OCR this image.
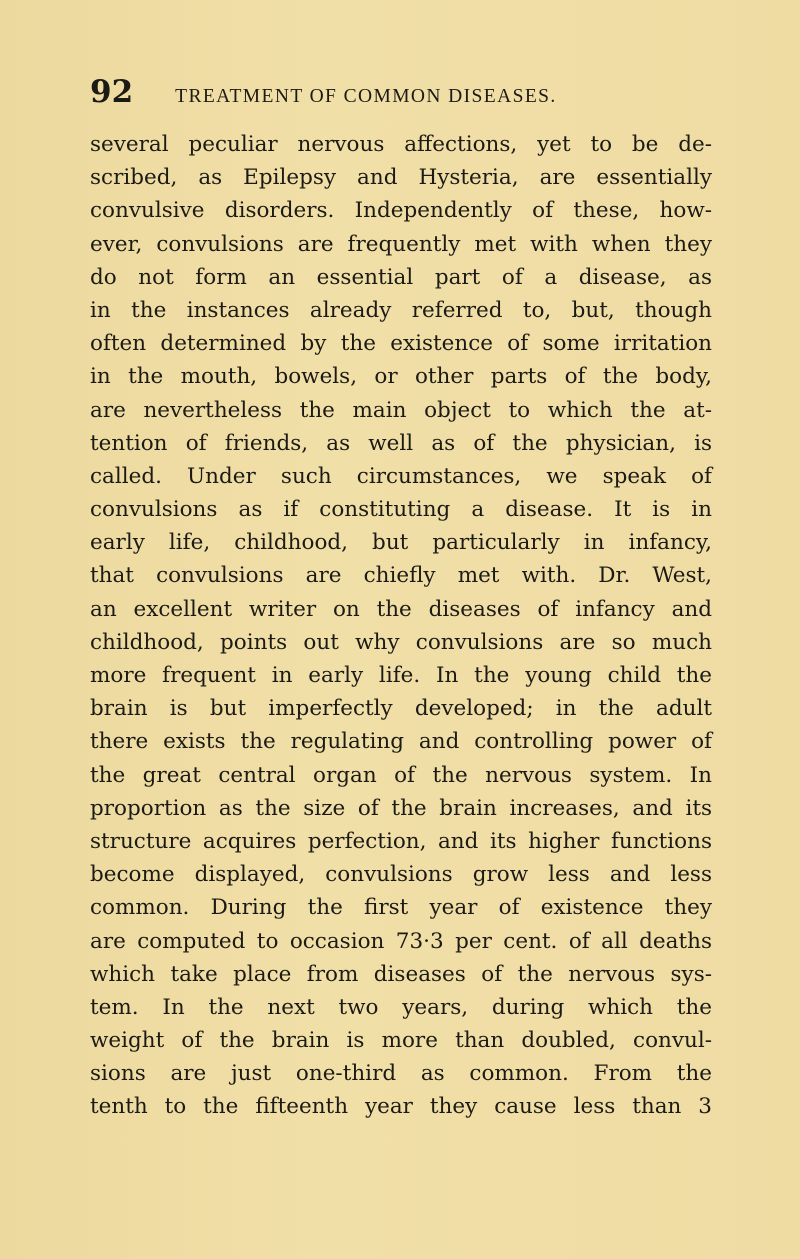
92 TREATMENT OF COMMON DISEASES.
several peculiar nervous affections, yet to be de-
scribed, as Epilepsy and Hysteria, are essentially
convulsive disorders. Independently of these, how-
ever, convulsions are frequently met with when they
do not form an essential part of a disease, as
in the instances already referred to, but, though
often determined by the existence of some irritation
in the mouth, bowels, or other parts of the body,
are nevertheless the main object to which the at-
tention of friends, as well as of the physician, is
called. Under such circumstances, we speak of
convulsions as if constituting a disease. It is in
early life, childhood, but particularly in infancy,
that convulsions are chiefly met with. Dr. West,
an excellent writer on the diseases of infancy and
childhood, points out why convulsions are so much
more frequent in early life. In the young child the
brain is but imperfectly developed; in the adult
there exists the regulating and controlling power of
the great central organ of the nervous system. In
proportion as the size of the brain increases, and its
structure acquires perfection, and its higher functions
become displayed, convulsions grow less and less
common. During the first year of existence they
are computed to occasion 73·3 per cent. of all deaths
which take place from diseases of the nervous sys-
tem. In the next two years, during which the
weight of the brain is more than doubled, convul-
sions are just one-third as common. From the
tenth to the fifteenth year they cause less than 3
